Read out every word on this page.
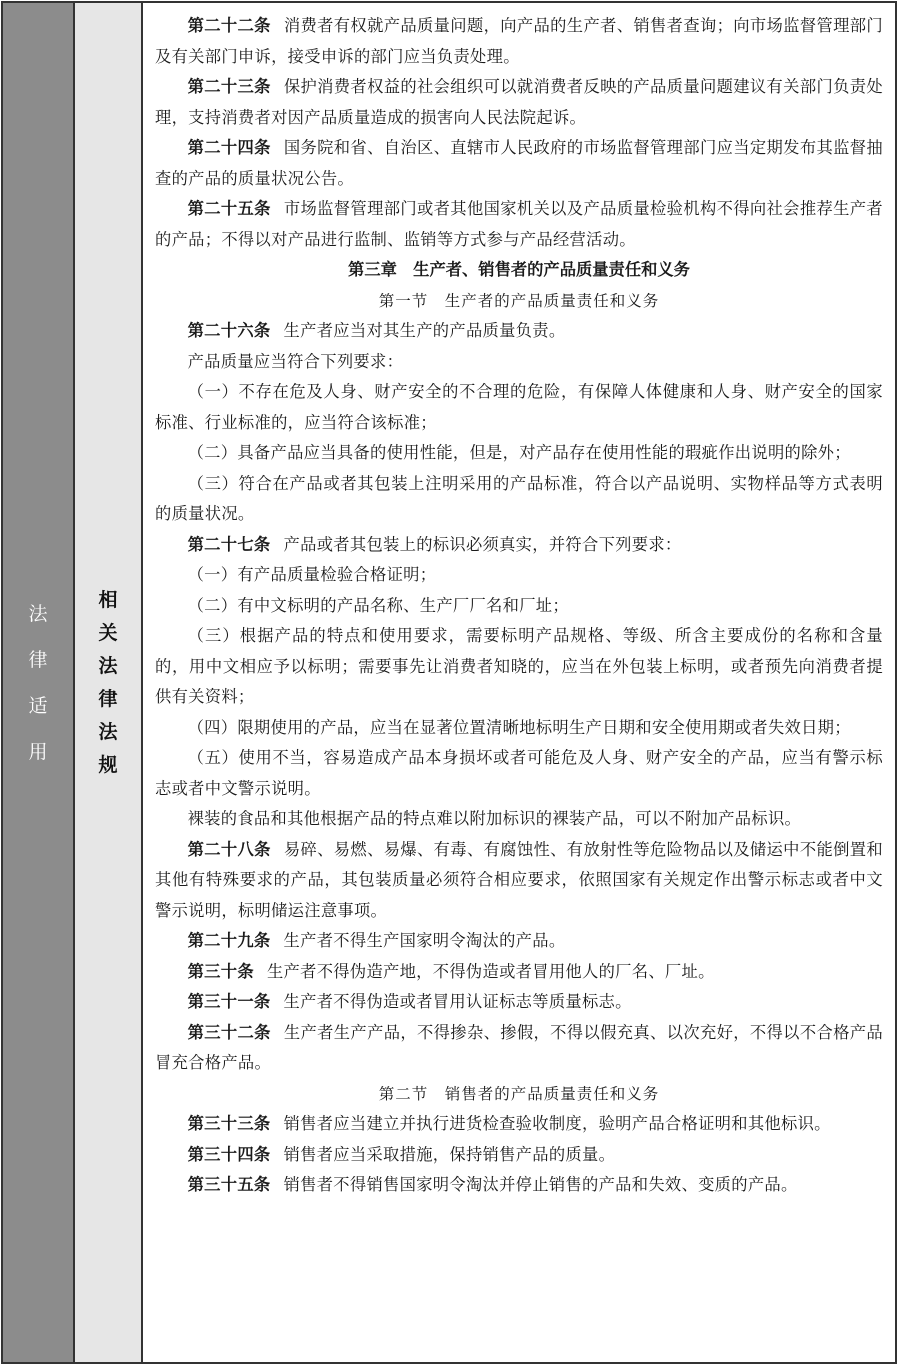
法
律
适
用
相
关
法
律
法
规

第二十二条 消费者有权就产品质量问题，向产品的生产者、销售者查询；向市场监督管理部门及有关部门申诉，接受申诉的部门应当负责处理。

第二十三条 保护消费者权益的社会组织可以就消费者反映的产品质量问题建议有关部门负责处理，支持消费者对因产品质量造成的损害向人民法院起诉。

第二十四条 国务院和省、自治区、直辖市人民政府的市场监督管理部门应当定期发布其监督抽查的产品的质量状况公告。

第二十五条 市场监督管理部门或者其他国家机关以及产品质量检验机构不得向社会推荐生产者的产品；不得以对产品进行监制、监销等方式参与产品经营活动。

第三章　生产者、销售者的产品质量责任和义务

第一节　生产者的产品质量责任和义务

第二十六条 生产者应当对其生产的产品质量负责。

产品质量应当符合下列要求：

（一）不存在危及人身、财产安全的不合理的危险，有保障人体健康和人身、财产安全的国家标准、行业标准的，应当符合该标准；

（二）具备产品应当具备的使用性能，但是，对产品存在使用性能的瑕疵作出说明的除外；

（三）符合在产品或者其包装上注明采用的产品标准，符合以产品说明、实物样品等方式表明的质量状况。

第二十七条 产品或者其包装上的标识必须真实，并符合下列要求：

（一）有产品质量检验合格证明；

（二）有中文标明的产品名称、生产厂厂名和厂址；

（三）根据产品的特点和使用要求，需要标明产品规格、等级、所含主要成份的名称和含量的，用中文相应予以标明；需要事先让消费者知晓的，应当在外包装上标明，或者预先向消费者提供有关资料；

（四）限期使用的产品，应当在显著位置清晰地标明生产日期和安全使用期或者失效日期；

（五）使用不当，容易造成产品本身损坏或者可能危及人身、财产安全的产品，应当有警示标志或者中文警示说明。

裸装的食品和其他根据产品的特点难以附加标识的裸装产品，可以不附加产品标识。

第二十八条 易碎、易燃、易爆、有毒、有腐蚀性、有放射性等危险物品以及储运中不能倒置和其他有特殊要求的产品，其包装质量必须符合相应要求，依照国家有关规定作出警示标志或者中文警示说明，标明储运注意事项。

第二十九条 生产者不得生产国家明令淘汰的产品。

第三十条 生产者不得伪造产地，不得伪造或者冒用他人的厂名、厂址。

第三十一条 生产者不得伪造或者冒用认证标志等质量标志。

第三十二条 生产者生产产品，不得掺杂、掺假，不得以假充真、以次充好，不得以不合格产品冒充合格产品。

第二节　销售者的产品质量责任和义务

第三十三条 销售者应当建立并执行进货检查验收制度，验明产品合格证明和其他标识。

第三十四条 销售者应当采取措施，保持销售产品的质量。

第三十五条 销售者不得销售国家明令淘汰并停止销售的产品和失效、变质的产品。
